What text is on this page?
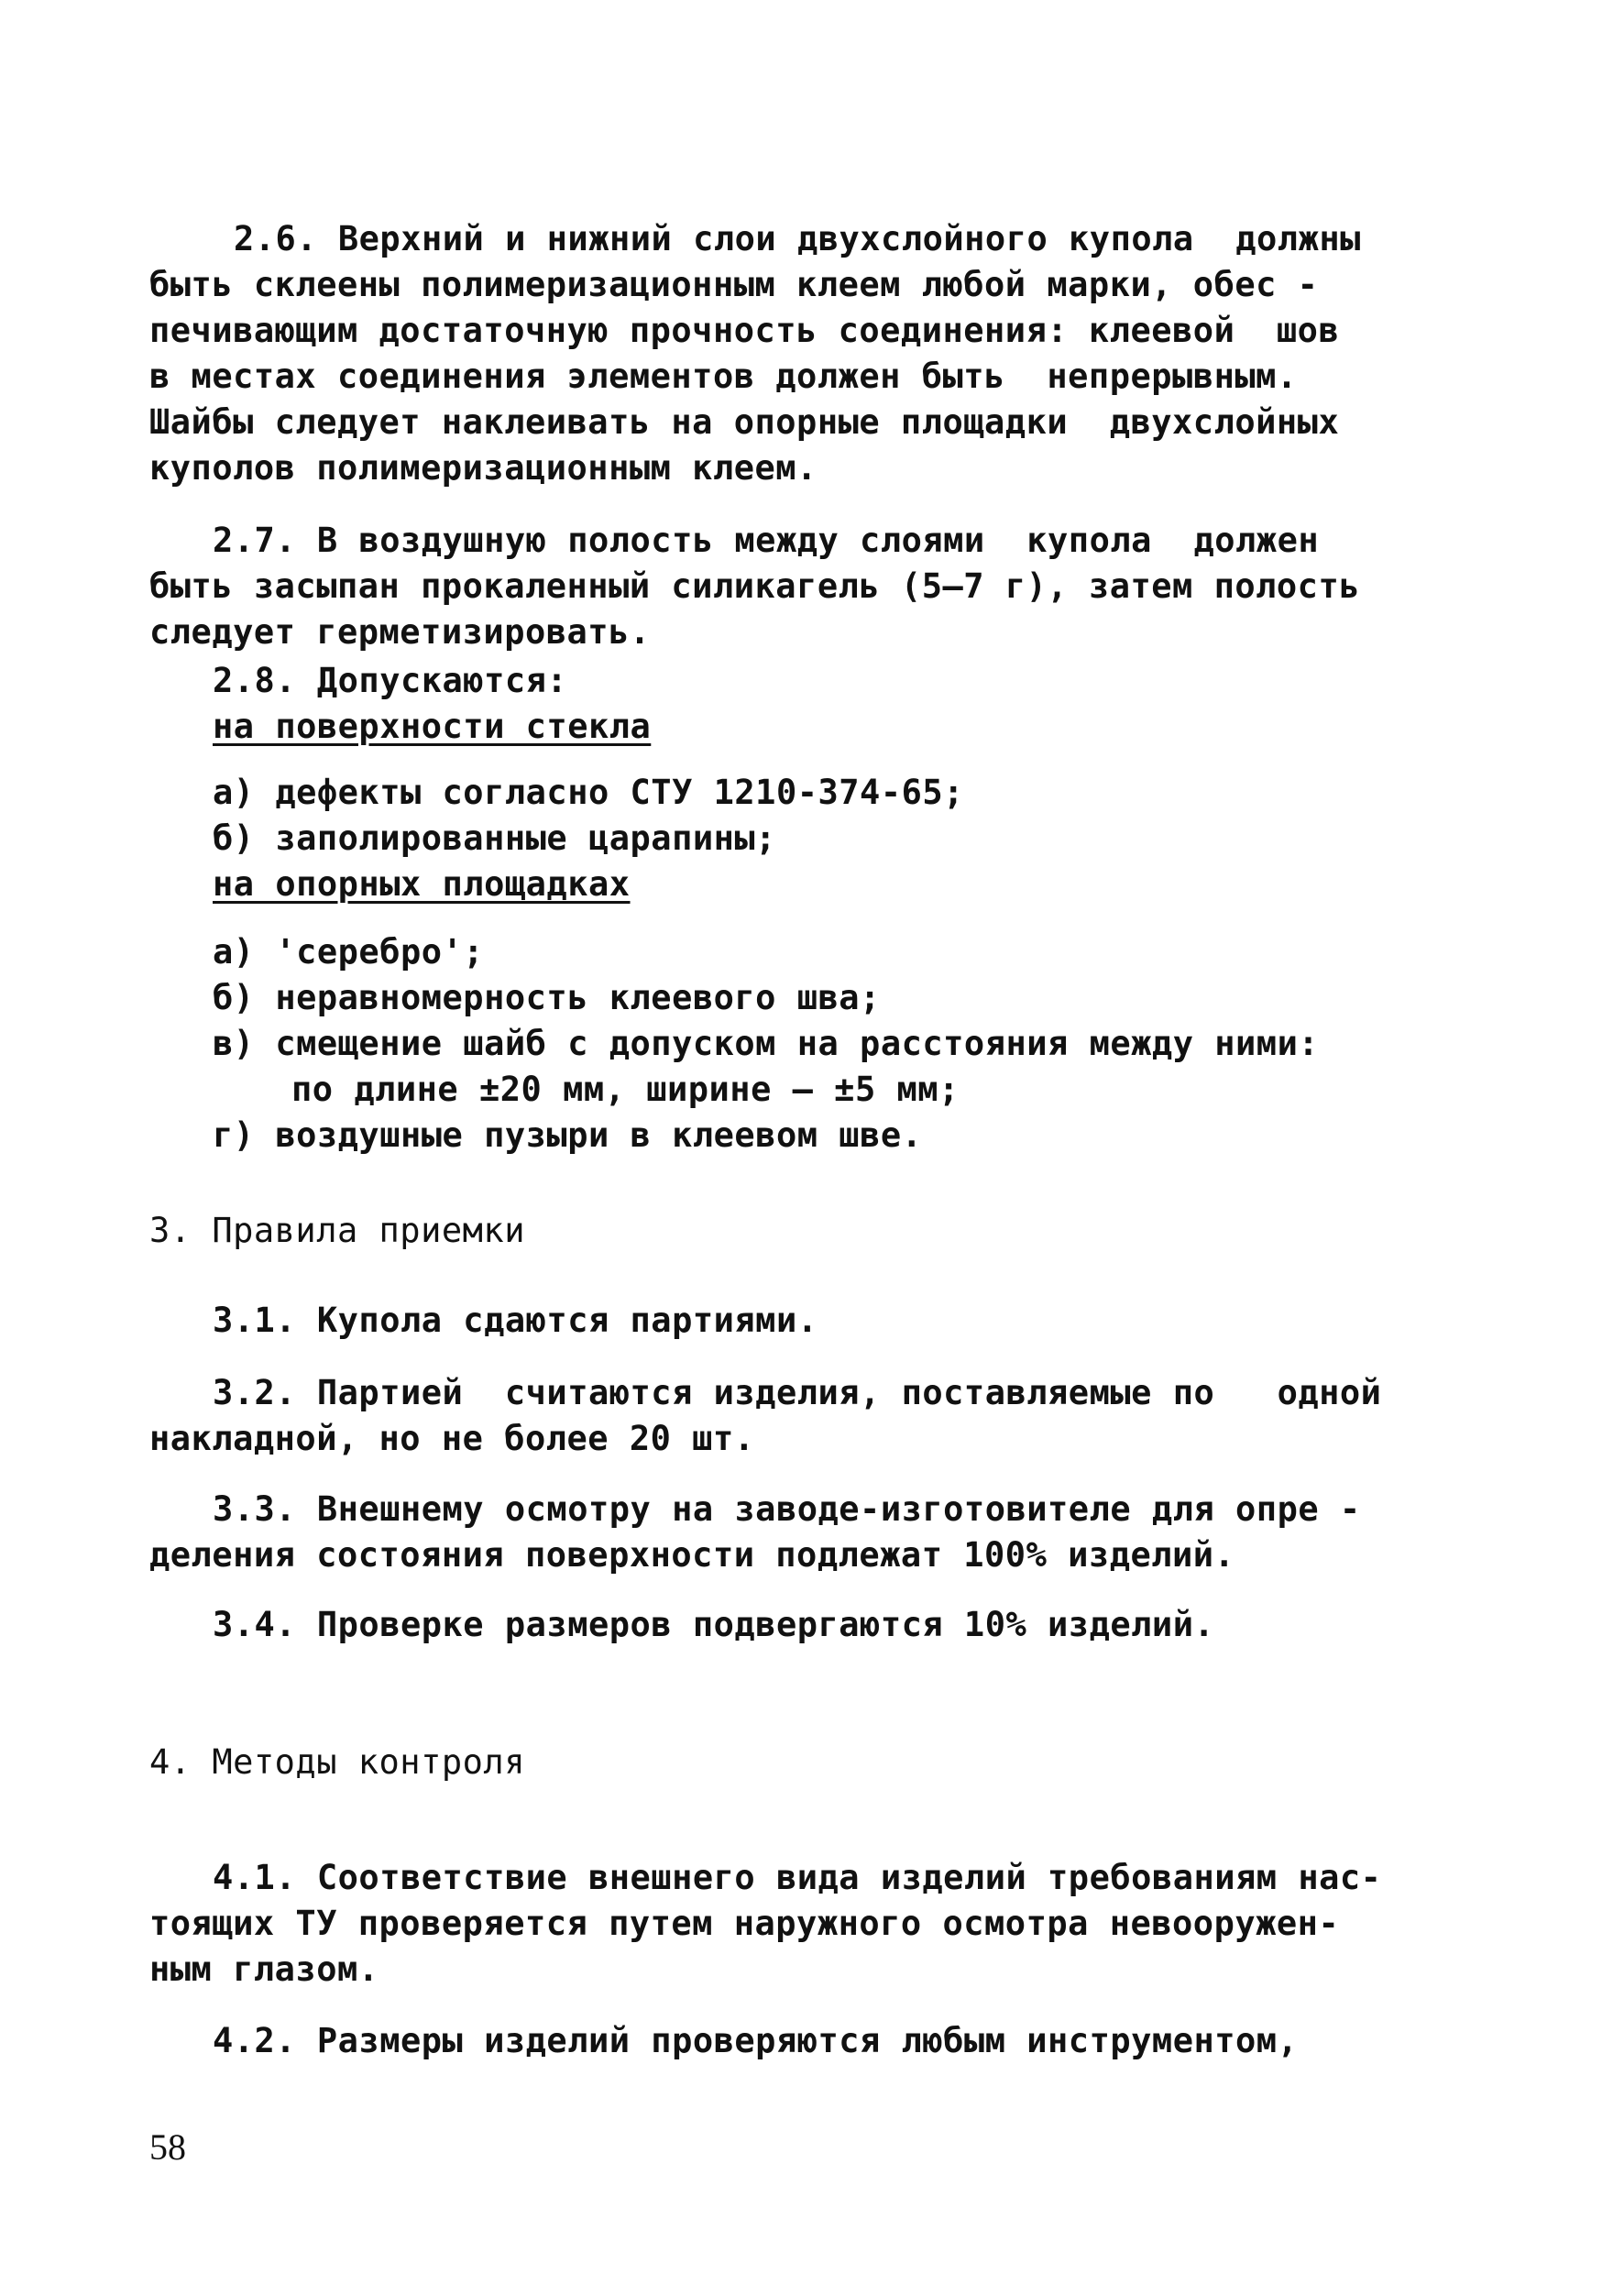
2.6. Верхний и нижний слои двухслойного купола  должны

быть склеены полимеризационным клеем любой марки, обес -

печивающим достаточную прочность соединения: клеевой  шов

в местах соединения элементов должен быть  непрерывным.

Шайбы следует наклеивать на опорные площадки  двухслойных

куполов полимеризационным клеем.

2.7. В воздушную полость между слоями  купола  должен

быть засыпан прокаленный силикагель (5–7 г), затем полость

следует герметизировать.

2.8. Допускаются:

на поверхности стекла

а) дефекты согласно СТУ 1210-374-65;

б) заполированные царапины;

на опорных площадках

а) 'серебро';

б) неравномерность клеевого шва;

в) смещение шайб с допуском на расстояния между ними:

по длине ±20 мм, ширине – ±5 мм;

г) воздушные пузыри в клеевом шве.

3. Правила приемки

3.1. Купола сдаются партиями.

3.2. Партией  считаются изделия, поставляемые по   одной

накладной, но не более 20 шт.

3.3. Внешнему осмотру на заводе-изготовителе для опре -

деления состояния поверхности подлежат 100% изделий.

3.4. Проверке размеров подвергаются 10% изделий.

4. Методы контроля

4.1. Соответствие внешнего вида изделий требованиям нас-

тоящих ТУ проверяется путем наружного осмотра невооружен-

ным глазом.

4.2. Размеры изделий проверяются любым инструментом,

58
